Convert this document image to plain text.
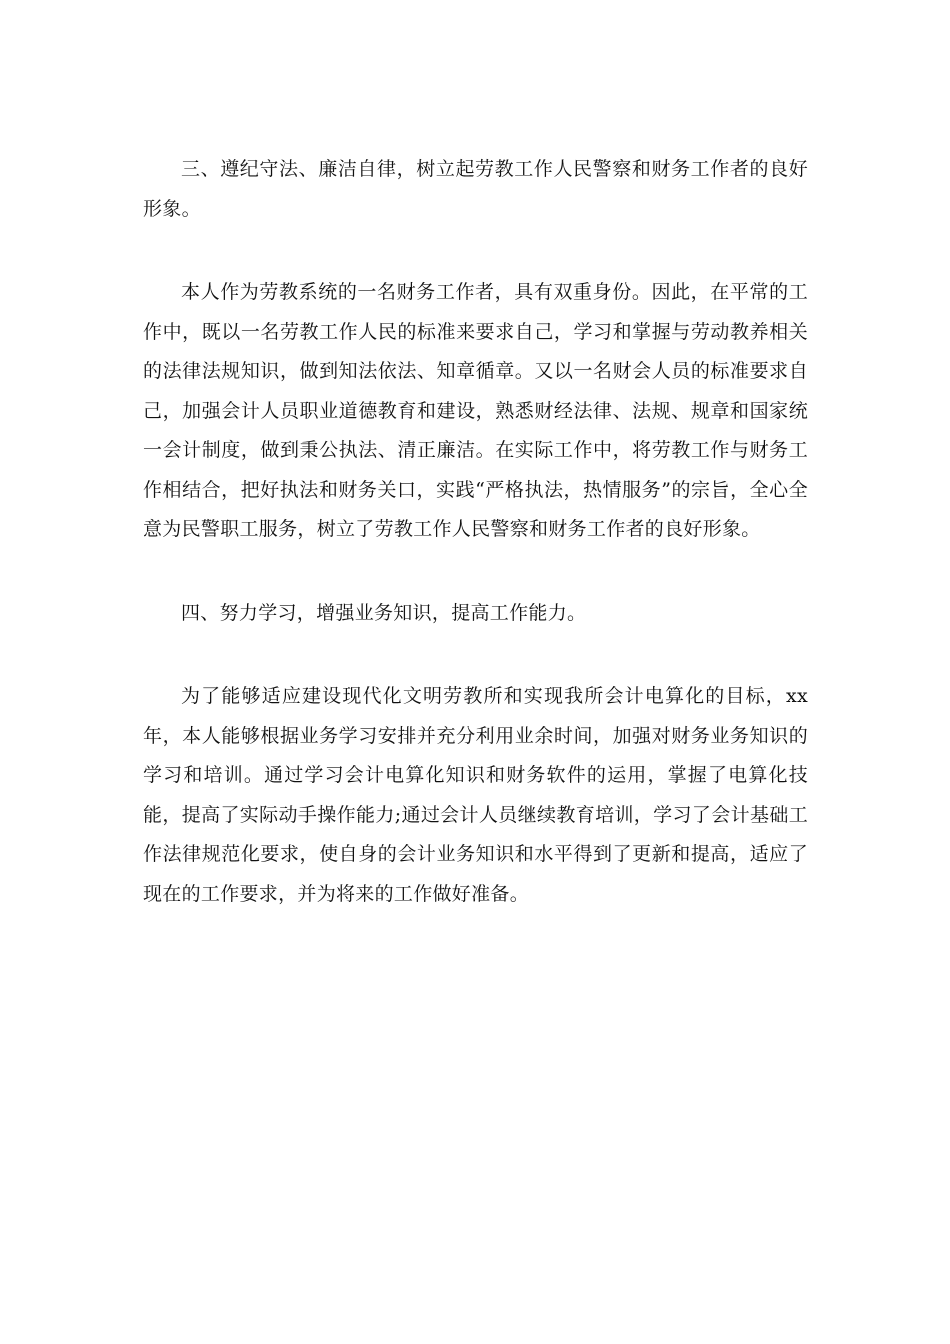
三、遵纪守法、廉洁自律，树立起劳教工作人民警察和财务工作者的良好形象。

本人作为劳教系统的一名财务工作者，具有双重身份。因此，在平常的工作中，既以一名劳教工作人民的标准来要求自己，学习和掌握与劳动教养相关的法律法规知识，做到知法依法、知章循章。又以一名财会人员的标准要求自己，加强会计人员职业道德教育和建设，熟悉财经法律、法规、规章和国家统一会计制度，做到秉公执法、清正廉洁。在实际工作中，将劳教工作与财务工作相结合，把好执法和财务关口，实践“严格执法，热情服务”的宗旨，全心全意为民警职工服务，树立了劳教工作人民警察和财务工作者的良好形象。

四、努力学习，增强业务知识，提高工作能力。

为了能够适应建设现代化文明劳教所和实现我所会计电算化的目标，xx年，本人能够根据业务学习安排并充分利用业余时间，加强对财务业务知识的学习和培训。通过学习会计电算化知识和财务软件的运用，掌握了电算化技能，提高了实际动手操作能力;通过会计人员继续教育培训，学习了会计基础工作法律规范化要求，使自身的会计业务知识和水平得到了更新和提高，适应了现在的工作要求，并为将来的工作做好准备。
